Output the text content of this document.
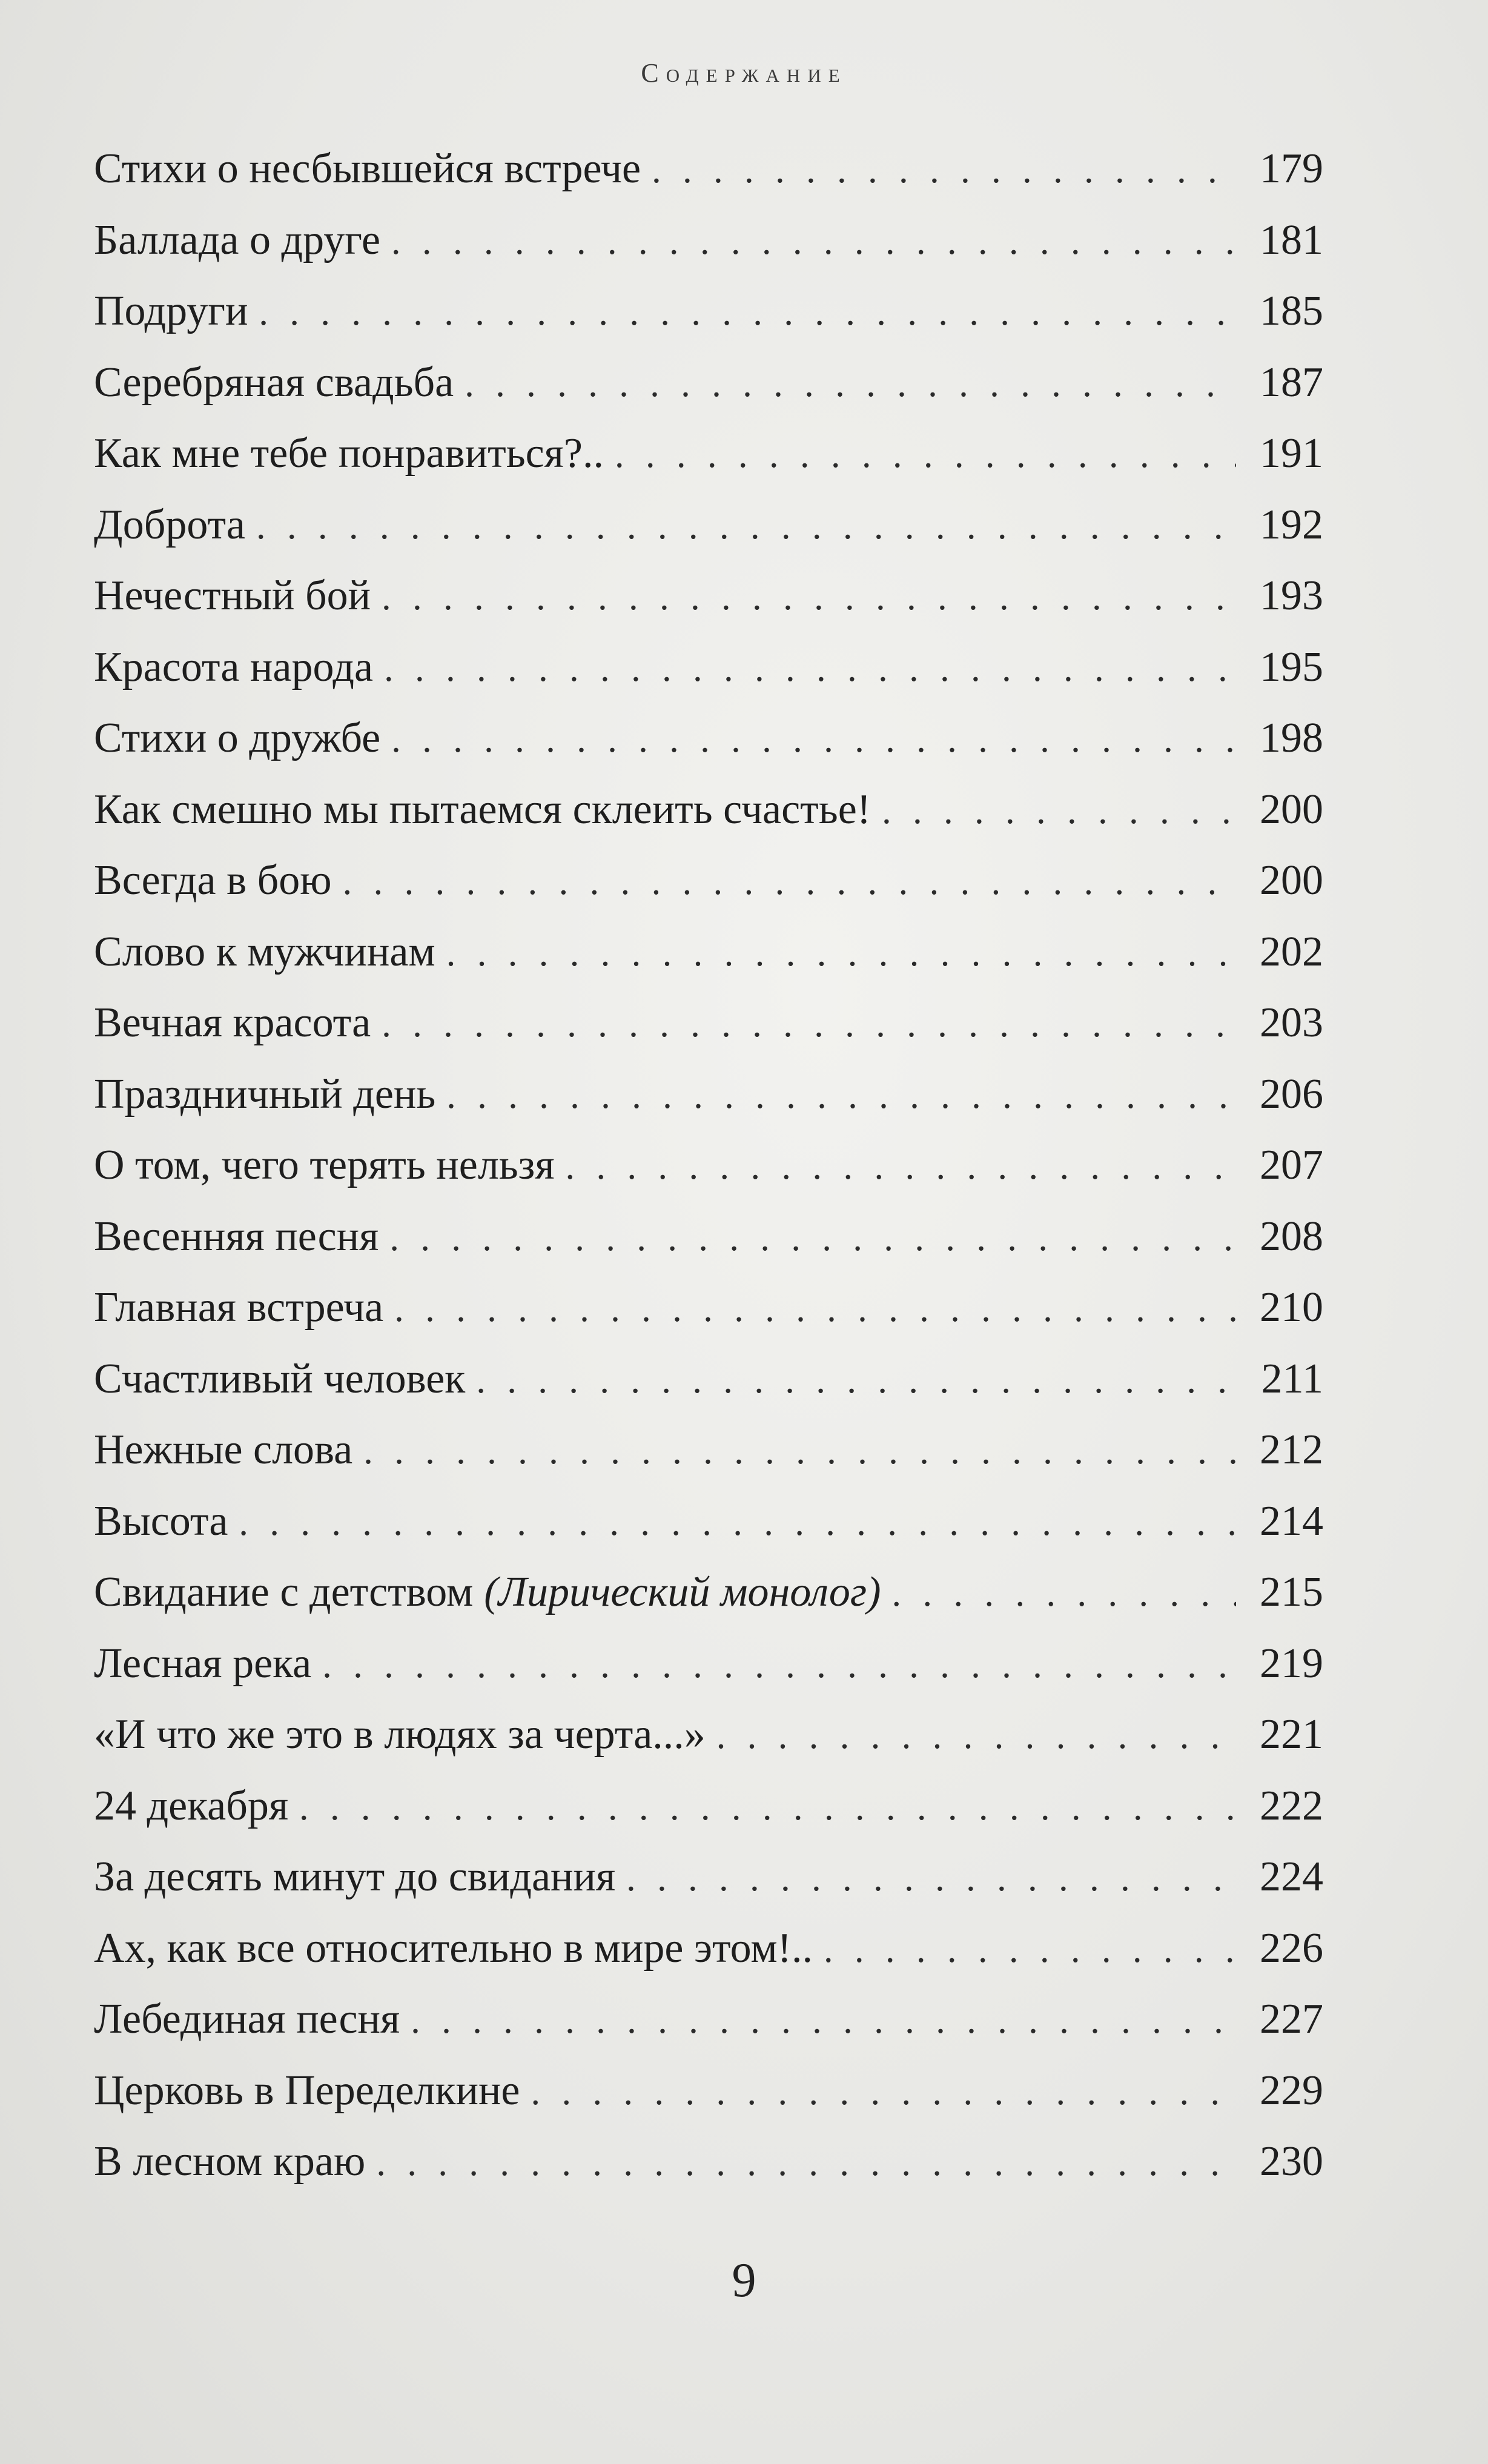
Содержание
Стихи о несбывшейся встрече . . .	179
Баллада о друге . . .	181
Подруги . . .	185
Серебряная свадьба . . .	187
Как мне тебе понравиться?.. . . .	191
Доброта . . .	192
Нечестный бой . . .	193
Красота народа . . .	195
Стихи о дружбе . . .	198
Как смешно мы пытаемся склеить счастье! . . .	200
Всегда в бою . . .	200
Слово к мужчинам . . .	202
Вечная красота . . .	203
Праздничный день . . .	206
О том, чего терять нельзя . . .	207
Весенняя песня . . .	208
Главная встреча . . .	210
Счастливый человек . . .	211
Нежные слова . . .	212
Высота . . .	214
Свидание с детством (Лирический монолог) . . .	215
Лесная река . . .	219
«И что же это в людях за черта...» . . .	221
24 декабря . . .	222
За десять минут до свидания . . .	224
Ах, как все относительно в мире этом!.. . . .	226
Лебединая песня . . .	227
Церковь в Переделкине . . .	229
В лесном краю . . .	230
9
